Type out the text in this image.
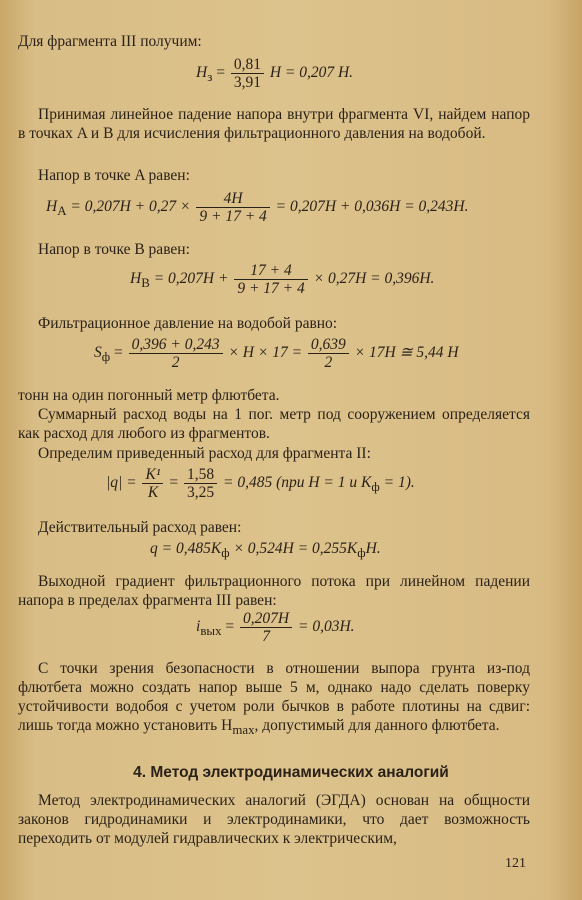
Для фрагмента III получим:
$H_з = \frac{0,81}{3,91}$ H = 0,207 H.
Принимая линейное падение напора внутри фрагмента VI, найдем напор в точках A и B для исчисления фильтрационного давления на водобой.
Напор в точке A равен:
$H_A = 0,207H + 0,27 \times \frac{4H}{9 + 17 + 4} = 0,207H + 0,036H = 0,243H$.
Напор в точке B равен:
$H_B = 0,207H + \frac{17 + 4}{9 + 17 + 4} \times 0,27H = 0,396H$.
Фильтрационное давление на водобой равно:
$S_ф = \frac{0,396 + 0,243}{2} \times H \times 17 = \frac{0,639}{2} \times 17H$ ≅ 5,44 H
тонн на один погонный метр флютбета.
Суммарный расход воды на 1 пог. метр под сооружением определяется как расход для любого из фрагментов.
Определим приведенный расход для фрагмента II:
$|q| = \frac{\text{K¹}}{K} = \frac{1,58}{3,25} = 0,485$ (при H = 1 и $K_ф = 1$).
Действительный расход равен:
$q = 0,485K_ф \times 0,524H = 0,255K_фH$.
Выходной градиент фильтрационного потока при линейном падении напора в пределах фрагмента III равен:
$i_{вых} = \frac{0,207H}{7} = 0,03H$.
С точки зрения безопасности в отношении выпора грунта из-под флютбета можно создать напор выше 5 м, однако надо сделать поверку устойчивости водобоя с учетом роли бычков в работе плотины на сдвиг: лишь тогда можно установить $H_{max}$, допустимый для данного флютбета.
4. Метод электродинамических аналогий
Метод электродинамических аналогий (ЭГДА) основан на общности законов гидродинамики и электродинамики, что дает возможность переходить от модулей гидравлических к электрическим,
121
